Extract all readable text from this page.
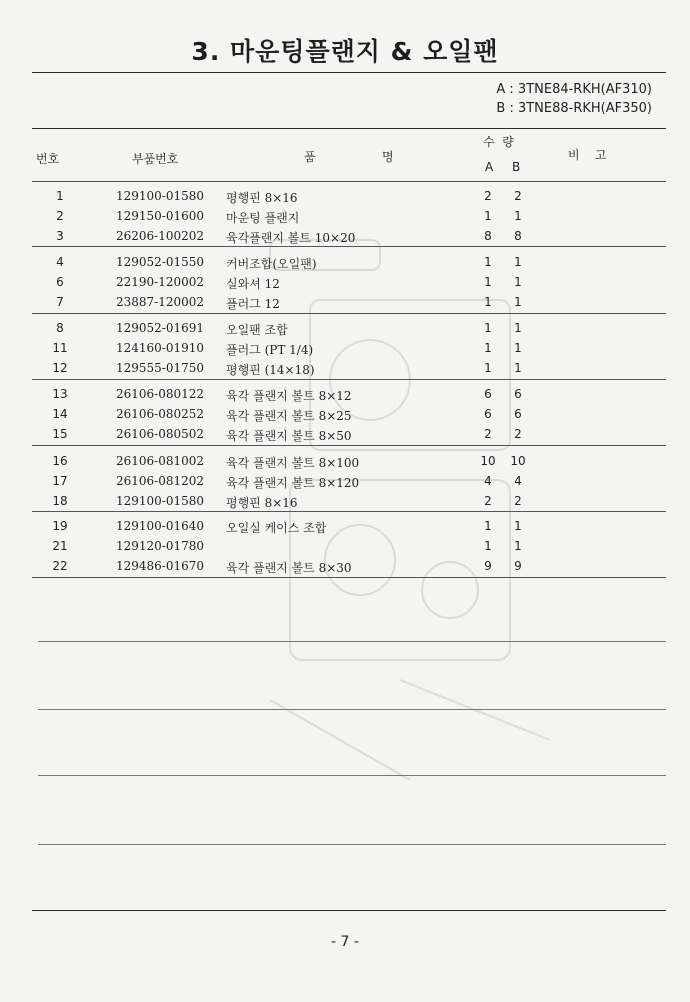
3. 마운팅플랜지 & 오일팬
A : 3TNE84-RKH(AF310)
B : 3TNE88-RKH(AF350)
번호	부품번호	품	명
수  량
A B
비    고
1	129100-01580 평행핀 8×16	2	2
2	129150-01600 마운팅 플랜지	1	1
3	26206-100202 육각플랜지 볼트 10×20	8	8
4	129052-01550 커버조합(오일팬)	1	1
6	22190-120002 실와셔 12	1	1
7	23887-120002 플러그 12	1	1
8	129052-01691 오일팬 조합	1	1
11	124160-01910 플러그 (PT 1/4)	1	1
12	129555-01750 평행핀 (14×18)	1	1
13	26106-080122 육각 플랜지 볼트 8×12	6	6
14	26106-080252 육각 플랜지 볼트 8×25	6	6
15	26106-080502 육각 플랜지 볼트 8×50	2	2
16	26106-081002 육각 플랜지 볼트 8×100	10	10
17	26106-081202 육각 플랜지 볼트 8×120	4	4
18	129100-01580 평행핀 8×16	2	2
19	129100-01640 오일실 케이스 조합	1	1
21	129120-01780	1	1
22	129486-01670 육각 플랜지 볼트 8×30	9	9
- 7 -
